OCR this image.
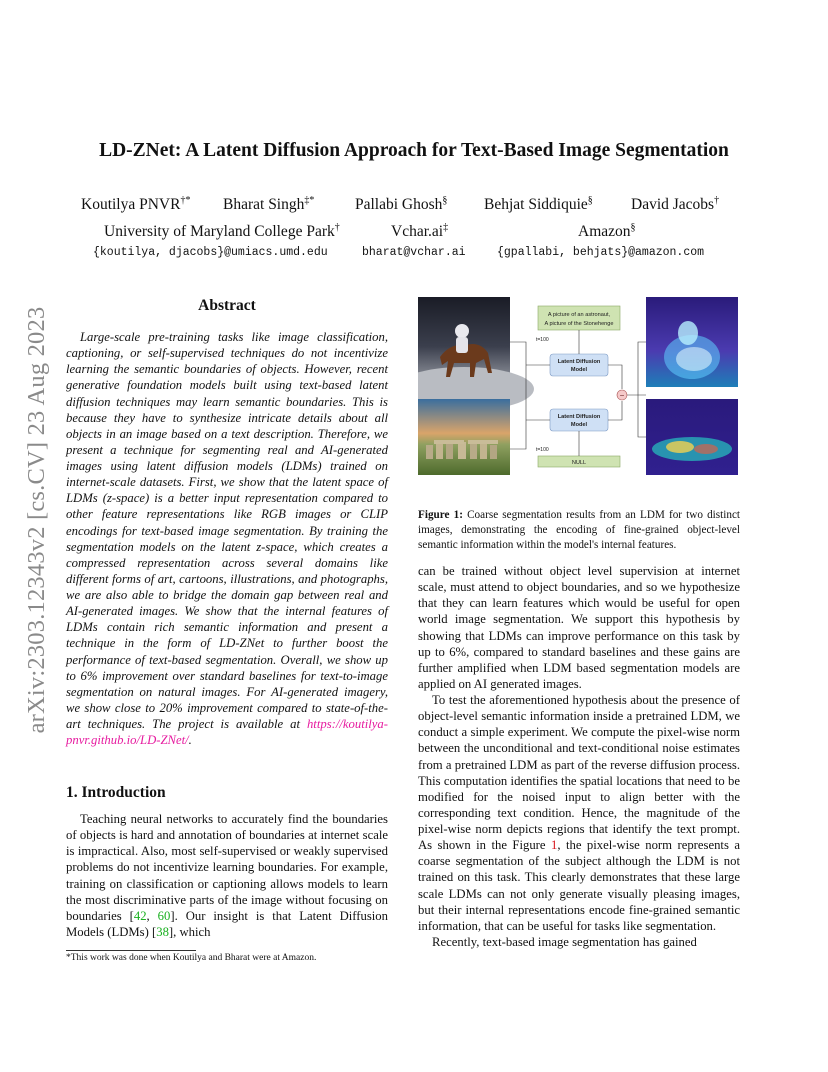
arXiv:2303.12343v2 [cs.CV] 23 Aug 2023
LD-ZNet: A Latent Diffusion Approach for Text-Based Image Segmentation
Koutilya PNVR†* Bharat Singh‡*	Pallabi Ghosh§ Behjat Siddiquie§ David Jacobs†
University of Maryland College Park†	Vchar.ai‡	Amazon§
{koutilya, djacobs}@umiacs.umd.edu	bharat@vchar.ai	{gpallabi, behjats}@amazon.com
Abstract

Large-scale pre-training tasks like image classification, captioning, or self-supervised techniques do not incentivize learning the semantic boundaries of objects. However, recent generative foundation models built using text-based latent diffusion techniques may learn semantic boundaries. This is because they have to synthesize intricate details about all objects in an image based on a text description. Therefore, we present a technique for segmenting real and AI-generated images using latent diffusion models (LDMs) trained on internet-scale datasets. First, we show that the latent space of LDMs (z-space) is a better input representation compared to other feature representations like RGB images or CLIP encodings for text-based image segmentation. By training the segmentation models on the latent z-space, which creates a compressed representation across several domains like different forms of art, cartoons, illustrations, and photographs, we are also able to bridge the domain gap between real and AI-generated images. We show that the internal features of LDMs contain rich semantic information and present a technique in the form of LD-ZNet to further boost the performance of text-based segmentation. Overall, we show up to 6% improvement over standard baselines for text-to-image segmentation on natural images. For AI-generated imagery, we show close to 20% improvement compared to state-of-the-art techniques. The project is available at https://koutilya-pnvr.github.io/LD-ZNet/.

1. Introduction

Teaching neural networks to accurately find the boundaries of objects is hard and annotation of boundaries at internet scale is impractical. Also, most self-supervised or weakly supervised problems do not incentivize learning boundaries. For example, training on classification or captioning allows models to learn the most discriminative parts of the image without focusing on boundaries [42, 60]. Our insight is that Latent Diffusion Models (LDMs) [38], which

*This work was done when Koutilya and Bharat were at Amazon.
A picture of an astronaut,
A picture of the Stonehenge
Latent Diffusion
Model
Latent Diffusion
Model
NULL
t=100
t=100
−
Figure 1: Coarse segmentation results from an LDM for two distinct images, demonstrating the encoding of fine-grained object-level semantic information within the model's internal features.

can be trained without object level supervision at internet scale, must attend to object boundaries, and so we hypothesize that they can learn features which would be useful for open world image segmentation. We support this hypothesis by showing that LDMs can improve performance on this task by up to 6%, compared to standard baselines and these gains are further amplified when LDM based segmentation models are applied on AI generated images.

To test the aforementioned hypothesis about the presence of object-level semantic information inside a pretrained LDM, we conduct a simple experiment. We compute the pixel-wise norm between the unconditional and text-conditional noise estimates from a pretrained LDM as part of the reverse diffusion process. This computation identifies the spatial locations that need to be modified for the noised input to align better with the corresponding text condition. Hence, the magnitude of the pixel-wise norm depicts regions that identify the text prompt. As shown in the Figure 1, the pixel-wise norm represents a coarse segmentation of the subject although the LDM is not trained on this task. This clearly demonstrates that these large scale LDMs can not only generate visually pleasing images, but their internal representations encode fine-grained semantic information, that can be useful for tasks like segmentation.

Recently, text-based image segmentation has gained
